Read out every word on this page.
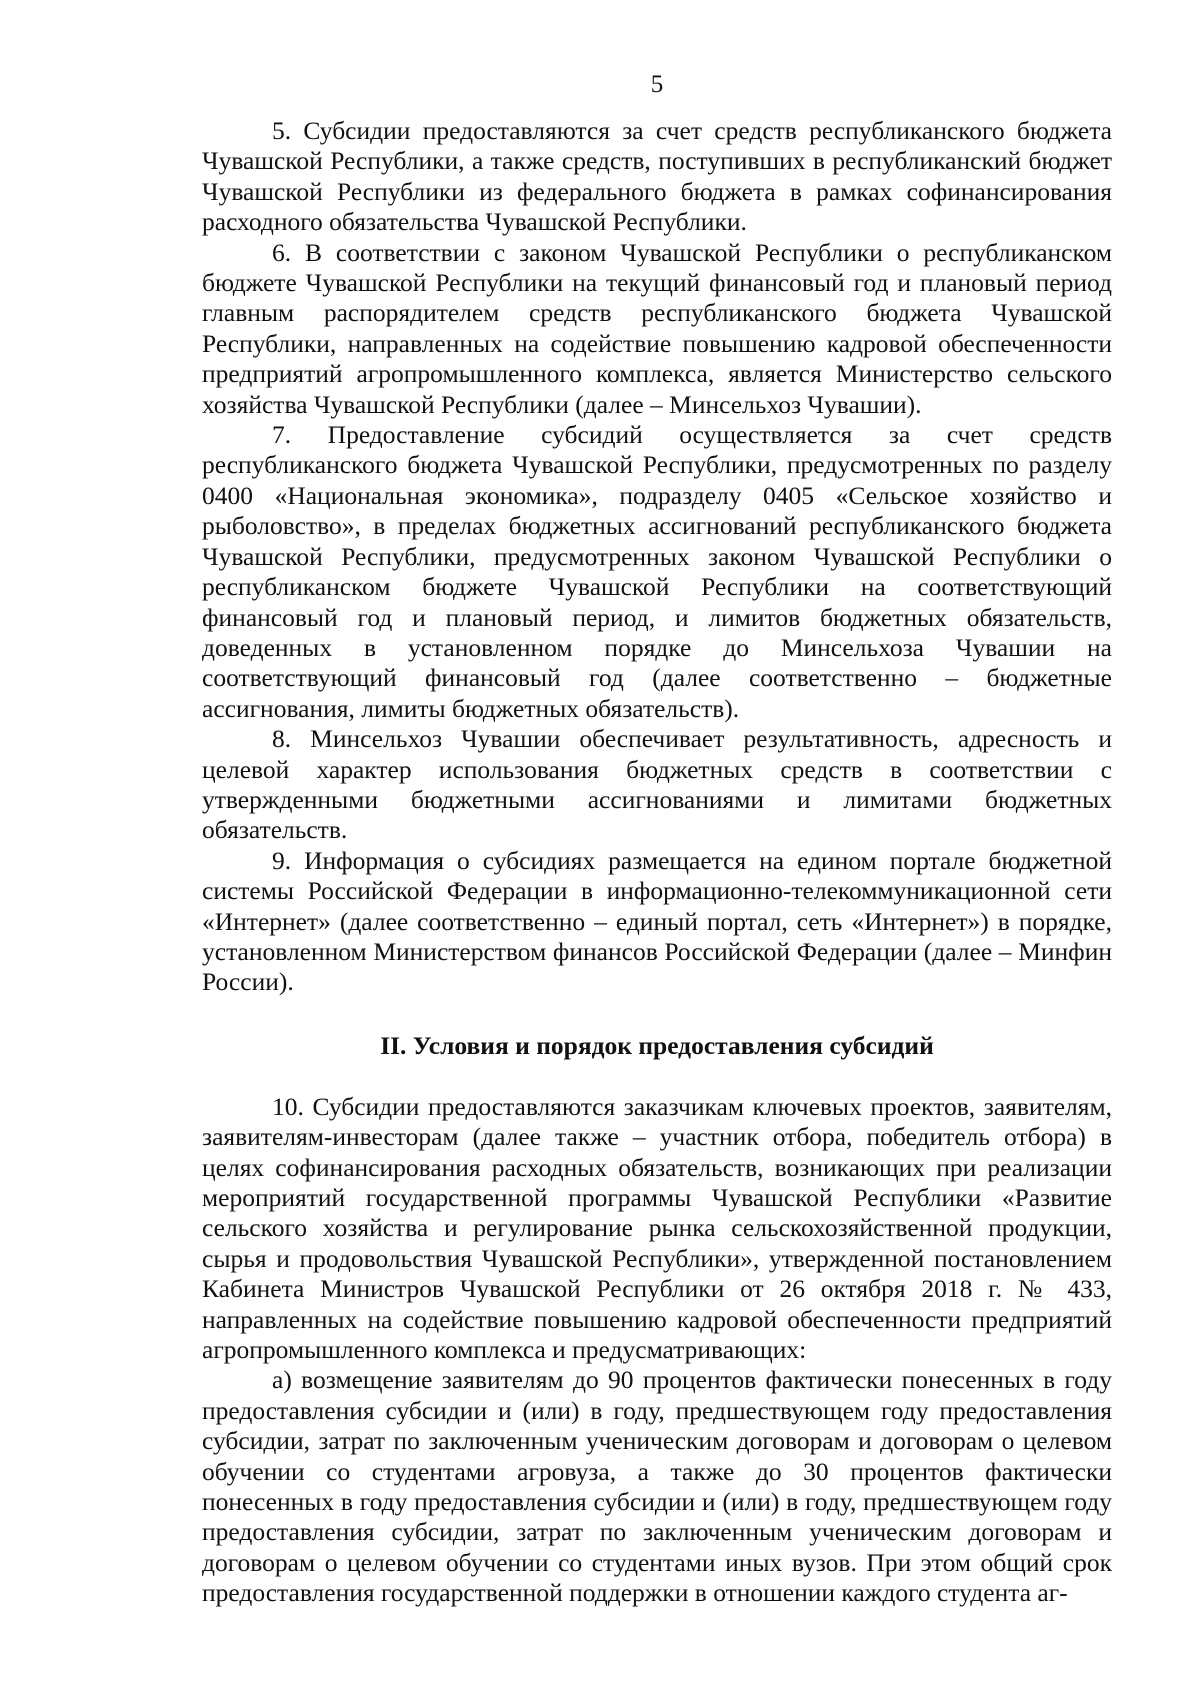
5

5. Субсидии предоставляются за счет средств республиканского бюджета Чувашской Республики, а также средств, поступивших в республиканский бюджет Чувашской Республики из федерального бюджета в рамках софинансирования расходного обязательства Чувашской Республики.

6. В соответствии с законом Чувашской Республики о республиканском бюджете Чувашской Республики на текущий финансовый год и плановый период главным распорядителем средств республиканского бюджета Чувашской Республики, направленных на содействие повышению кадровой обеспеченности предприятий агропромышленного комплекса, является Министерство сельского хозяйства Чувашской Республики (далее – Минсельхоз Чувашии).

7. Предоставление субсидий осуществляется за счет средств республиканского бюджета Чувашской Республики, предусмотренных по разделу 0400 «Национальная экономика», подразделу 0405 «Сельское хозяйство и рыболовство», в пределах бюджетных ассигнований республиканского бюджета Чувашской Республики, предусмотренных законом Чувашской Республики о республиканском бюджете Чувашской Республики на соответствующий финансовый год и плановый период, и лимитов бюджетных обязательств, доведенных в установленном порядке до Минсельхоза Чувашии на соответствующий финансовый год (далее соответственно – бюджетные ассигнования, лимиты бюджетных обязательств).

8. Минсельхоз Чувашии обеспечивает результативность, адресность и целевой характер использования бюджетных средств в соответствии с утвержденными бюджетными ассигнованиями и лимитами бюджетных обязательств.

9. Информация о субсидиях размещается на едином портале бюджетной системы Российской Федерации в информационно-телекоммуникационной сети «Интернет» (далее соответственно – единый портал, сеть «Интернет») в порядке, установленном Министерством финансов Российской Федерации (далее – Минфин России).

II. Условия и порядок предоставления субсидий

10. Субсидии предоставляются заказчикам ключевых проектов, заявителям, заявителям-инвесторам (далее также – участник отбора, победитель отбора) в целях софинансирования расходных обязательств, возникающих при реализации мероприятий государственной программы Чувашской Республики «Развитие сельского хозяйства и регулирование рынка сельскохозяйственной продукции, сырья и продовольствия Чувашской Республики», утвержденной постановлением Кабинета Министров Чувашской Республики от 26 октября 2018 г. № 433, направленных на содействие повышению кадровой обеспеченности предприятий агропромышленного комплекса и предусматривающих:

а) возмещение заявителям до 90 процентов фактически понесенных в году предоставления субсидии и (или) в году, предшествующем году предоставления субсидии, затрат по заключенным ученическим договорам и договорам о целевом обучении со студентами агровуза, а также до 30 процентов фактически понесенных в году предоставления субсидии и (или) в году, предшествующем году предоставления субсидии, затрат по заключенным ученическим договорам и договорам о целевом обучении со студентами иных вузов. При этом общий срок предоставления государственной поддержки в отношении каждого студента аг-
